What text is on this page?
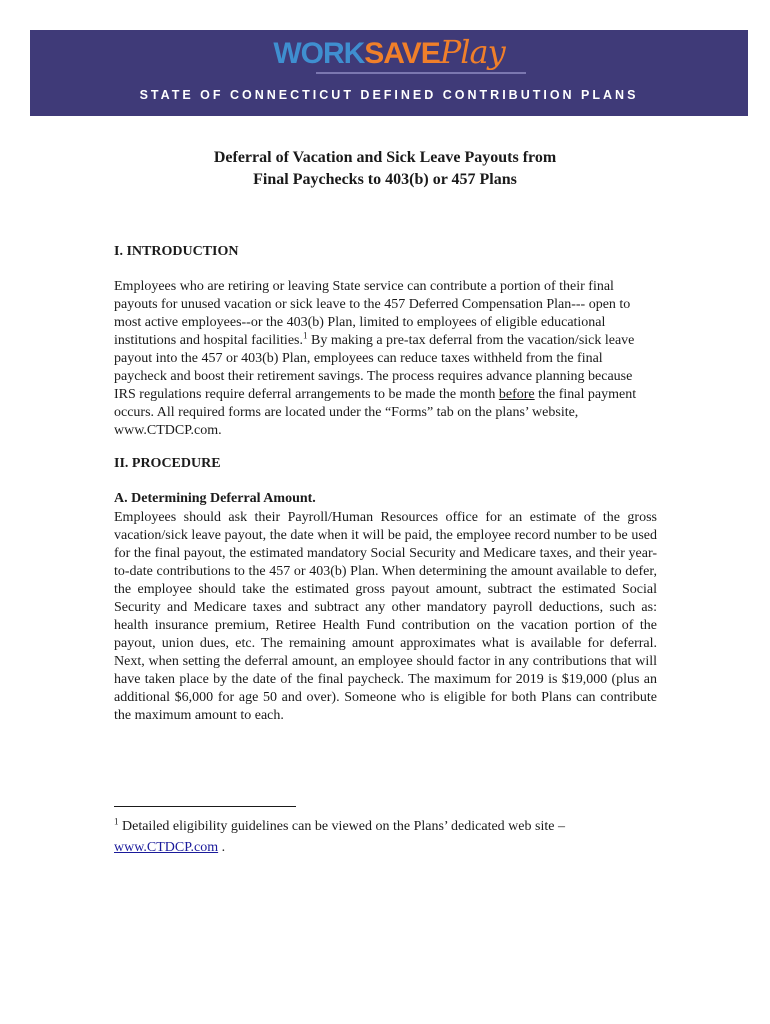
WORKSAVEPlay
STATE OF CONNECTICUT DEFINED CONTRIBUTION PLANS
Deferral of Vacation and Sick Leave Payouts from
Final Paychecks to 403(b) or 457 Plans
I. INTRODUCTION

Employees who are retiring or leaving State service can contribute a portion of their final payouts for unused vacation or sick leave to the 457 Deferred Compensation Plan--- open to most active employees--or the 403(b) Plan, limited to employees of eligible educational institutions and hospital facilities.$^1$ By making a pre-tax deferral from the vacation/sick leave payout into the 457 or 403(b) Plan, employees can reduce taxes withheld from the final paycheck and boost their retirement savings. The process requires advance planning because IRS regulations require deferral arrangements to be made the month before the final payment occurs. All required forms are located under the “Forms” tab on the plans’ website, www.CTDCP.com.

II. PROCEDURE
A. Determining Deferral Amount.

Employees should ask their Payroll/Human Resources office for an estimate of the gross vacation/sick leave payout, the date when it will be paid, the employee record number to be used for the final payout, the estimated mandatory Social Security and Medicare taxes, and their year-to-date contributions to the 457 or 403(b) Plan. When determining the amount available to defer, the employee should take the estimated gross payout amount, subtract the estimated Social Security and Medicare taxes and subtract any other mandatory payroll deductions, such as: health insurance premium, Retiree Health Fund contribution on the vacation portion of the payout, union dues, etc. The remaining amount approximates what is available for deferral. Next, when setting the deferral amount, an employee should factor in any contributions that will have taken place by the date of the final paycheck. The maximum for 2019 is $19,000 (plus an additional $6,000 for age 50 and over). Someone who is eligible for both Plans can contribute the maximum amount to each.

$^1$ Detailed eligibility guidelines can be viewed on the Plans’ dedicated web site –
www.CTDCP.com .
